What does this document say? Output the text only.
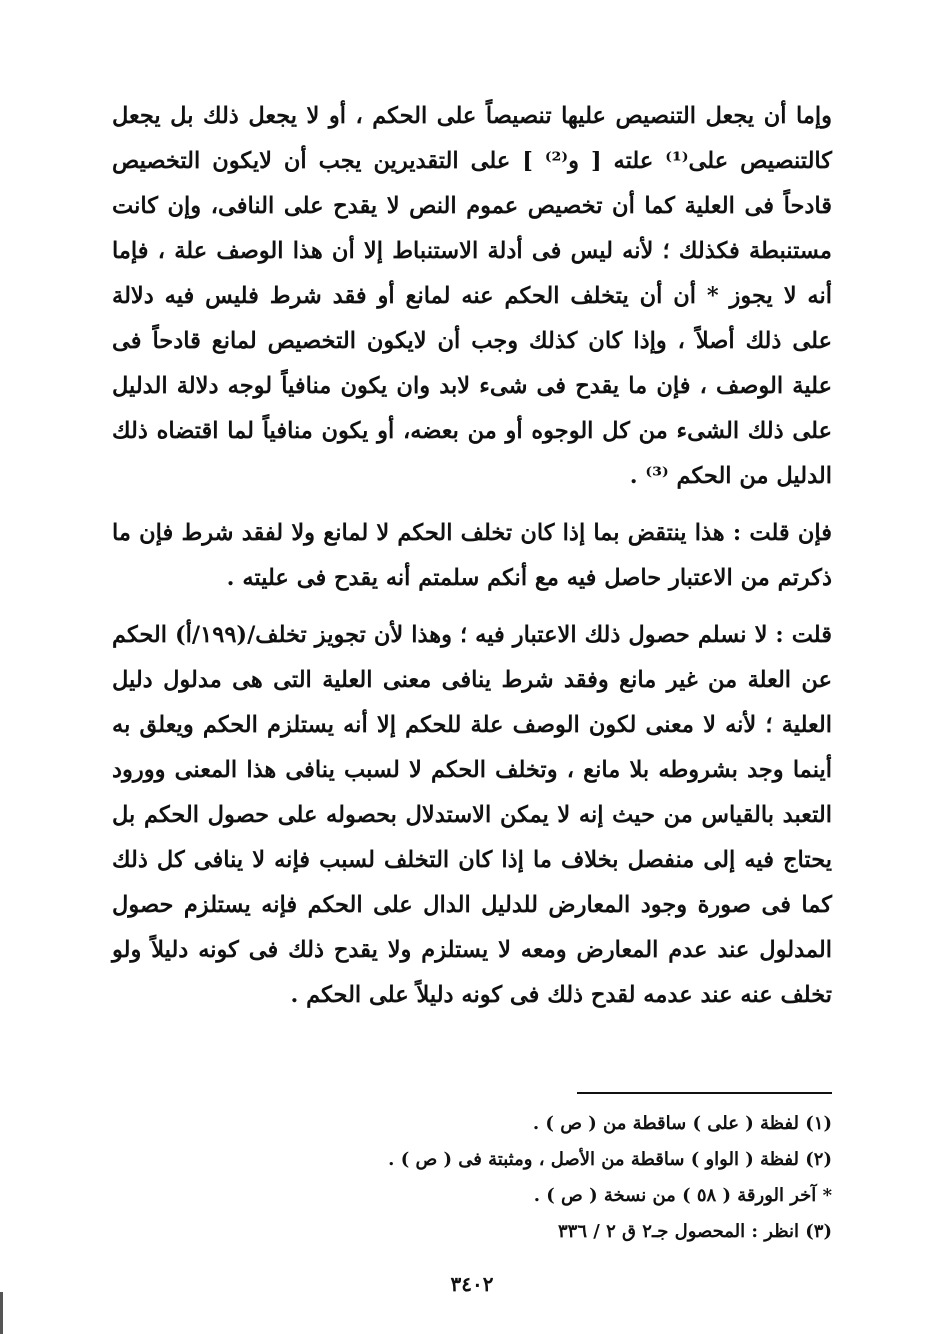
وإما أن يجعل التنصيص عليها تنصيصاً على الحكم ، أو لا يجعل ذلك بل يجعل كالتنصيص على⁽¹⁾ علته [ و⁽²⁾ ] على التقديرين يجب أن لايكون التخصيص قادحاً فى العلية كما أن تخصيص عموم النص لا يقدح على النافى، وإن كانت مستنبطة فكذلك ؛ لأنه ليس فى أدلة الاستنباط إلا أن هذا الوصف علة ، فإما أنه لا يجوز * أن أن يتخلف الحكم عنه لمانع أو فقد شرط فليس فيه دلالة على ذلك أصلاً ، وإذا كان كذلك وجب أن لايكون التخصيص لمانع قادحاً فى علية الوصف ، فإن ما يقدح فى شىء لابد وان يكون منافياً لوجه دلالة الدليل على ذلك الشىء من كل الوجوه أو من بعضه، أو يكون منافياً لما اقتضاه ذلك الدليل من الحكم ⁽³⁾ .

فإن قلت : هذا ينتقض بما إذا كان تخلف الحكم لا لمانع ولا لفقد شرط فإن ما ذكرتم من الاعتبار حاصل فيه مع أنكم سلمتم أنه يقدح فى عليته .

قلت : لا نسلم حصول ذلك الاعتبار فيه ؛ وهذا لأن تجويز تخلف/(١٩٩/أ) الحكم عن العلة من غير مانع وفقد شرط ينافى معنى العلية التى هى مدلول دليل العلية ؛ لأنه لا معنى لكون الوصف علة للحكم إلا أنه يستلزم الحكم ويعلق به أينما وجد بشروطه بلا مانع ، وتخلف الحكم لا لسبب ينافى هذا المعنى وورود التعبد بالقياس من حيث إنه لا يمكن الاستدلال بحصوله على حصول الحكم بل يحتاج فيه إلى منفصل بخلاف ما إذا كان التخلف لسبب فإنه لا ينافى كل ذلك كما فى صورة وجود المعارض للدليل الدال على الحكم فإنه يستلزم حصول المدلول عند عدم المعارض ومعه لا يستلزم ولا يقدح ذلك فى كونه دليلاً ولو تخلف عنه عند عدمه لقدح ذلك فى كونه دليلاً على الحكم .

(١) لفظة ( على ) ساقطة من ( ص ) .

(٢) لفظة ( الواو ) ساقطة من الأصل ، ومثبتة فى ( ص ) .

* آخر الورقة ( ٥٨ ) من نسخة ( ص ) .

(٣) انظر : المحصول جـ٢ ق ٢ / ٣٣٦

٣٤٠٢
